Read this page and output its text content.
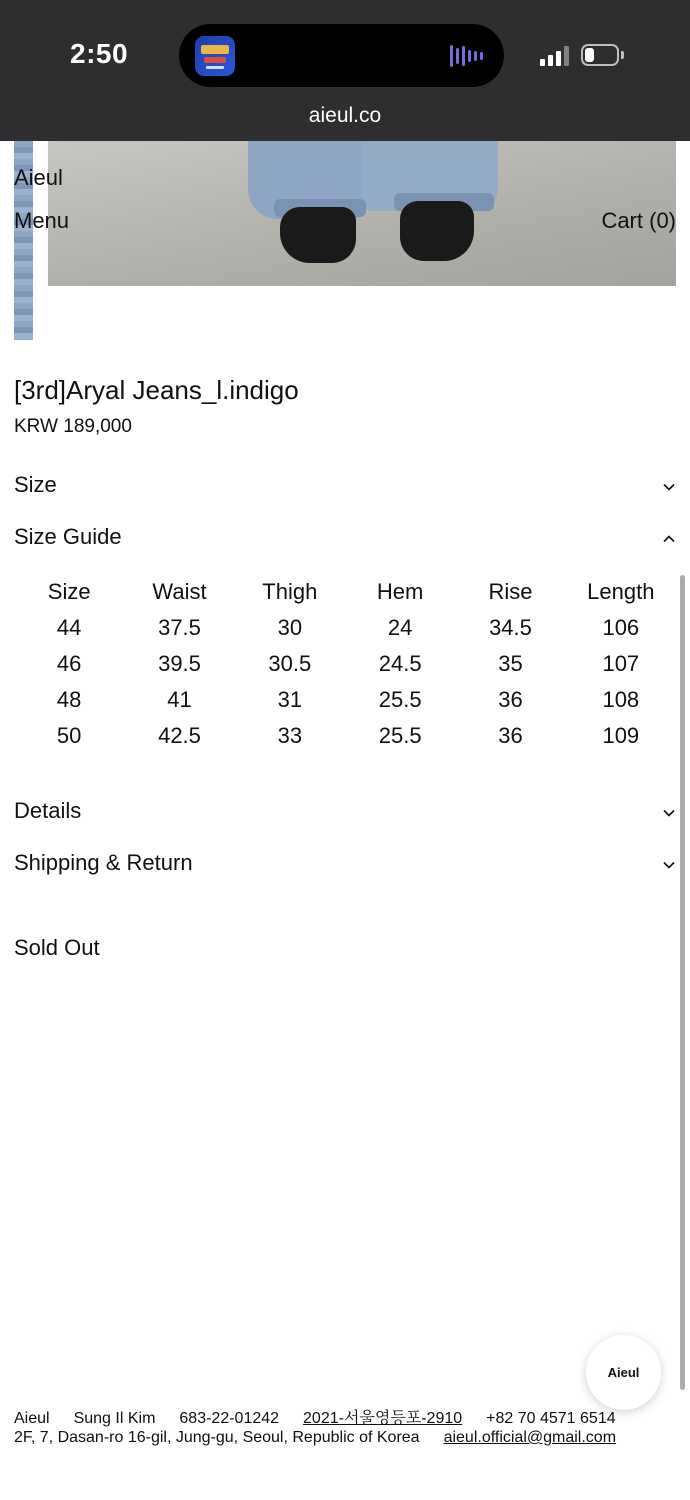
2:50
aieul.co
Aieul
Menu	Cart (0)
[3rd]Aryal Jeans_l.indigo
KRW 189,000
Size
Size Guide
Size	Waist	Thigh	Hem	Rise	Length
44	37.5	30	24	34.5	106
46	39.5	30.5	24.5	35	107
48	41	31	25.5	36	108
50	42.5	33	25.5	36	109
Details
Shipping & Return
Sold Out
Aieul
Aieul Sung Il Kim 683-22-01242 2021-서울영등포-2910 +82 70 4571 6514
2F, 7, Dasan-ro 16-gil, Jung-gu, Seoul, Republic of Korea aieul.official@gmail.com
